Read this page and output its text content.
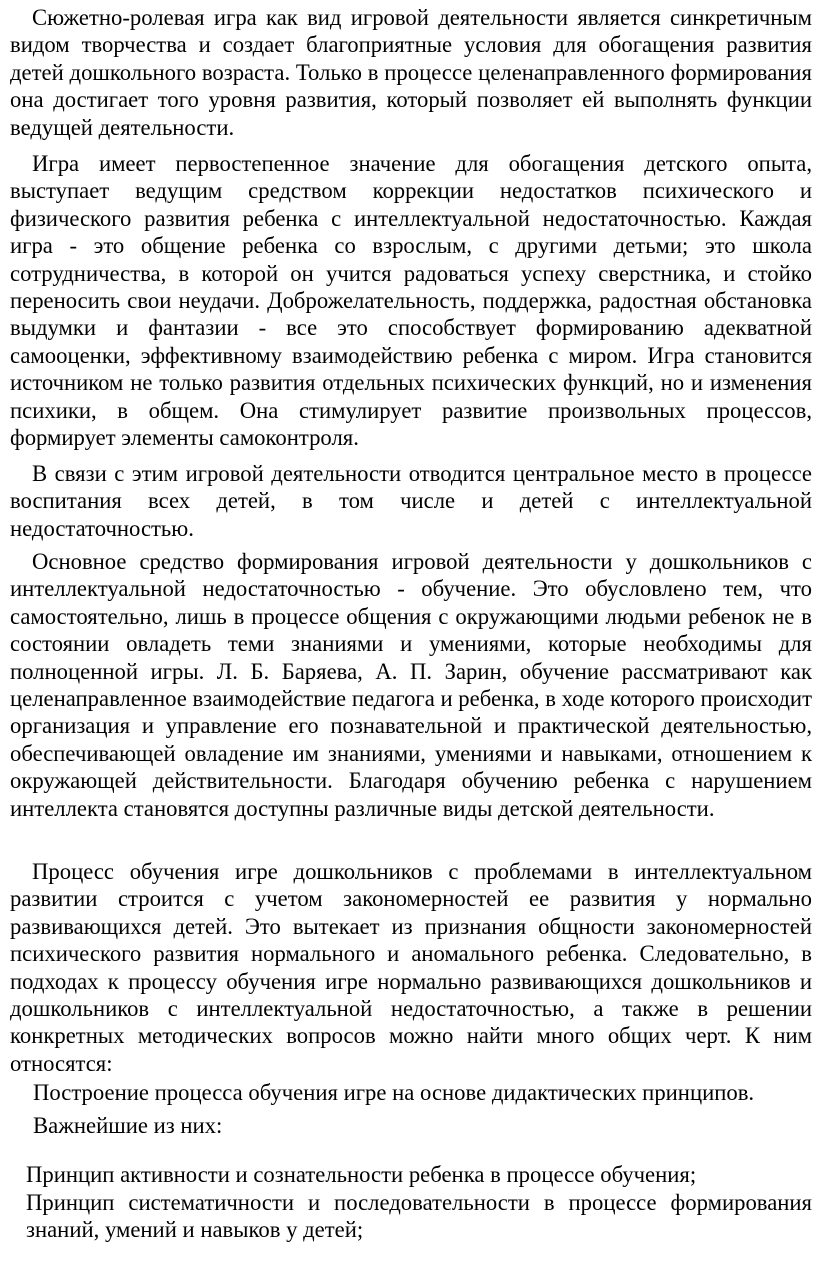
Сюжетно-ролевая игра как вид игровой деятельности является синкретичным видом творчества и создает благоприятные условия для обогащения развития детей дошкольного возраста. Только в процессе целенаправленного формирования она достигает того уровня развития, который позволяет ей выполнять функции ведущей деятельности.

Игра имеет первостепенное значение для обогащения детского опыта, выступает ведущим средством коррекции недостатков психического и физического развития ребенка с интеллектуальной недостаточностью. Каждая игра - это общение ребенка со взрослым, с другими детьми; это школа сотрудничества, в которой он учится радоваться успеху сверстника, и стойко переносить свои неудачи. Доброжелательность, поддержка, радостная обстановка выдумки и фантазии - все это способствует формированию адекватной самооценки, эффективному взаимодействию ребенка с миром. Игра становится источником не только развития отдельных психических функций, но и изменения психики, в общем. Она стимулирует развитие произвольных процессов, формирует элементы самоконтроля.

В связи с этим игровой деятельности отводится центральное место в процессе воспитания всех детей, в том числе и детей с интеллектуальной недостаточностью.

Основное средство формирования игровой деятельности у дошкольников с интеллектуальной недостаточностью - обучение. Это обусловлено тем, что самостоятельно, лишь в процессе общения с окружающими людьми ребенок не в состоянии овладеть теми знаниями и умениями, которые необходимы для полноценной игры. Л. Б. Баряева, А. П. Зарин, обучение рассматривают как целенаправленное взаимодействие педагога и ребенка, в ходе которого происходит организация и управление его познавательной и практической деятельностью, обеспечивающей овладение им знаниями, умениями и навыками, отношением к окружающей действительности. Благодаря обучению ребенка с нарушением интеллекта становятся доступны различные виды детской деятельности.

Процесс обучения игре дошкольников с проблемами в интеллектуальном развитии строится с учетом закономерностей ее развития у нормально развивающихся детей. Это вытекает из признания общности закономерностей психического развития нормального и аномального ребенка. Следовательно, в подходах к процессу обучения игре нормально развивающихся дошкольников и дошкольников с интеллектуальной недостаточностью, а также в решении конкретных методических вопросов можно найти много общих черт. К ним относятся:

Построение процесса обучения игре на основе дидактических принципов.

Важнейшие из них:

Принцип активности и сознательности ребенка в процессе обучения;

Принцип систематичности и последовательности в процессе формирования знаний, умений и навыков у детей;
